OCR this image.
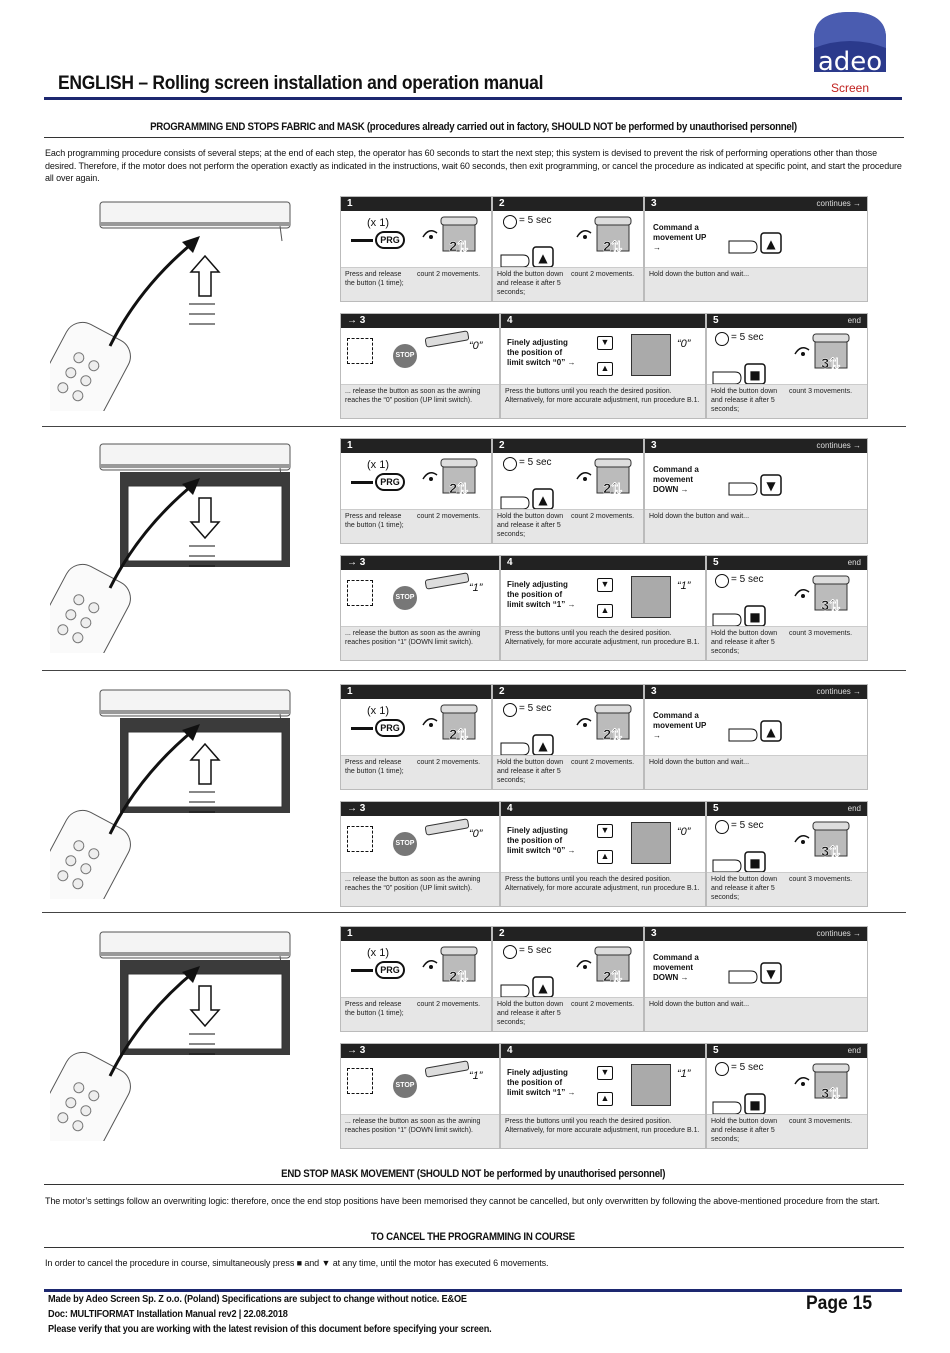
adeo
Screen
ENGLISH – Rolling screen installation and operation manual
PROGRAMMING END STOPS FABRIC and MASK (procedures already carried out in factory, SHOULD NOT be performed by unauthorised personnel)
Each programming procedure consists of several steps; at the end of each step, the operator has 60 seconds to start the next step; this system is devised to prevent the risk of performing operations other than those desired. Therefore, if the motor does not perform the operation exactly as indicated in the instructions, wait 60 seconds, then exit programming, or cancel the procedure as indicated at specific point, and start the procedure all over again.
1
(x 1)
PRG	2⇅
Press and release the button (1 time);
count 2 movements.
2
= 5 sec
▲
2⇅
Hold the button down and release it after 5 seconds;
count 2 movements.
3	continues →
Command a movement UP →	▲
Hold down the button and wait...
→ 3
STOP
“0”
... release the button as soon as the awning reaches the “0” position (UP limit switch).
4
Finely adjusting the position of limit switch “0” →
▼
▲
“0”
Press the buttons until you reach the desired position. Alternatively, for more accurate adjustment, run procedure B.1.
5	end
= 5 sec
■
3⇅
Hold the button down and release it after 5 seconds;
count 3 movements.
1
(x 1)
PRG	2⇅
Press and release the button (1 time);
count 2 movements.
2
= 5 sec
▲
2⇅
Hold the button down and release it after 5 seconds;
count 2 movements.
3	continues →
Command a movement DOWN →	▼
Hold down the button and wait...
→ 3
STOP
“1”
... release the button as soon as the awning reaches position “1” (DOWN limit switch).
4
Finely adjusting the position of limit switch “1” →
▼
▲
“1”
Press the buttons until you reach the desired position. Alternatively, for more accurate adjustment, run procedure B.1.
5	end
= 5 sec
■
3⇅
Hold the button down and release it after 5 seconds;
count 3 movements.
1
(x 1)
PRG	2⇅
Press and release the button (1 time);
count 2 movements.
2
= 5 sec
▲
2⇅
Hold the button down and release it after 5 seconds;
count 2 movements.
3	continues →
Command a movement UP →	▲
Hold down the button and wait...
→ 3
STOP
“0”
... release the button as soon as the awning reaches the “0” position (UP limit switch).
4
Finely adjusting the position of limit switch “0” →
▼
▲
“0”
Press the buttons until you reach the desired position. Alternatively, for more accurate adjustment, run procedure B.1.
5	end
= 5 sec
■
3⇅
Hold the button down and release it after 5 seconds;
count 3 movements.
1
(x 1)
PRG	2⇅
Press and release the button (1 time);
count 2 movements.
2
= 5 sec
▲
2⇅
Hold the button down and release it after 5 seconds;
count 2 movements.
3	continues →
Command a movement DOWN →	▼
Hold down the button and wait...
→ 3
STOP
“1”
... release the button as soon as the awning reaches position “1” (DOWN limit switch).
4
Finely adjusting the position of limit switch “1” →
▼
▲
“1”
Press the buttons until you reach the desired position. Alternatively, for more accurate adjustment, run procedure B.1.
5	end
= 5 sec
■
3⇅
Hold the button down and release it after 5 seconds;
count 3 movements.
END STOP MASK MOVEMENT (SHOULD NOT be performed by unauthorised personnel)
The motor’s settings follow an overwriting logic: therefore, once the end stop positions have been memorised they cannot be cancelled, but only overwritten by following the above-mentioned procedure from the start.
TO CANCEL THE PROGRAMMING IN COURSE
In order to cancel the procedure in course, simultaneously press ■ and ▼ at any time, until the motor has executed 6 movements.
Made by Adeo Screen Sp. Z o.o. (Poland) Specifications are subject to change without notice. E&OE
Doc: MULTIFORMAT Installation Manual rev2 | 22.08.2018
Please verify that you are working with the latest revision of this document before specifying your screen.
Page 15
